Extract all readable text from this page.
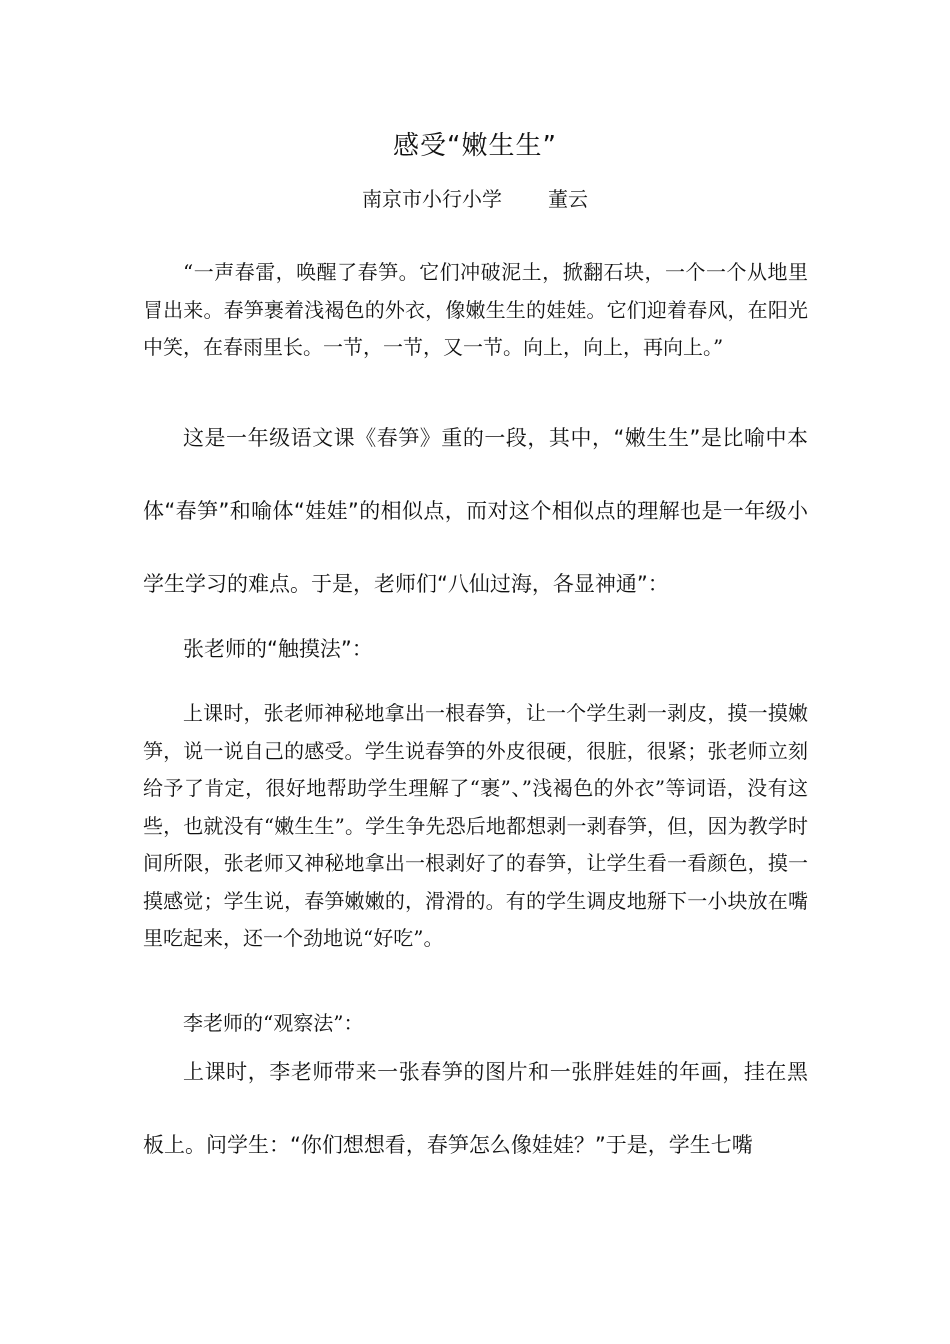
感受“嫩生生”
南京市小行小学 董云

“一声春雷，唤醒了春笋。它们冲破泥土，掀翻石块，一个一个从地里冒出来。春笋裹着浅褐色的外衣，像嫩生生的娃娃。它们迎着春风，在阳光中笑，在春雨里长。一节，一节，又一节。向上，向上，再向上。”

这是一年级语文课《春笋》重的一段，其中，“嫩生生”是比喻中本体“春笋”和喻体“娃娃”的相似点，而对这个相似点的理解也是一年级小学生学习的难点。于是，老师们“八仙过海，各显神通”：

张老师的“触摸法”：

上课时，张老师神秘地拿出一根春笋，让一个学生剥一剥皮，摸一摸嫩笋，说一说自己的感受。学生说春笋的外皮很硬，很脏，很紧；张老师立刻给予了肯定，很好地帮助学生理解了“裹”、”浅褐色的外衣”等词语，没有这些，也就没有“嫩生生”。学生争先恐后地都想剥一剥春笋，但，因为教学时间所限，张老师又神秘地拿出一根剥好了的春笋，让学生看一看颜色，摸一摸感觉；学生说，春笋嫩嫩的，滑滑的。有的学生调皮地掰下一小块放在嘴里吃起来，还一个劲地说“好吃”。

李老师的“观察法”：

上课时，李老师带来一张春笋的图片和一张胖娃娃的年画，挂在黑板上。问学生：“你们想想看，春笋怎么像娃娃？”于是，学生七嘴
